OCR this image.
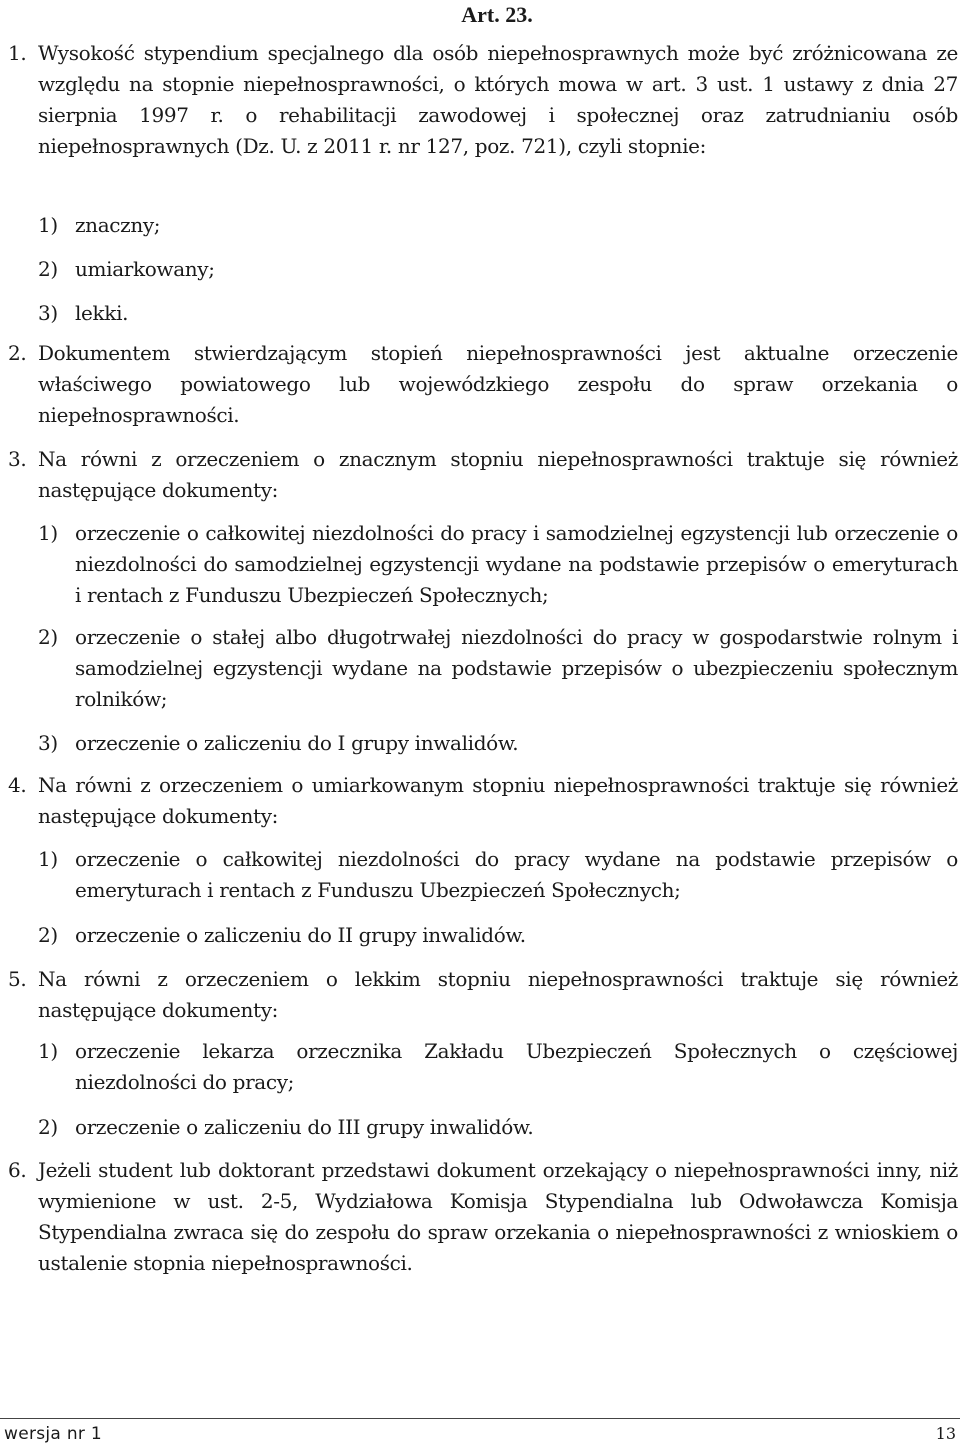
Art. 23.
1. Wysokość stypendium specjalnego dla osób niepełnosprawnych może być zróżnicowana ze względu na stopnie niepełnosprawności, o których mowa w art. 3 ust. 1 ustawy z dnia 27 sierpnia 1997 r. o rehabilitacji zawodowej i społecznej oraz zatrudnianiu osób niepełnosprawnych (Dz. U. z 2011 r. nr 127, poz. 721), czyli stopnie:
1) znaczny;
2) umiarkowany;
3) lekki.
2. Dokumentem stwierdzającym stopień niepełnosprawności jest aktualne orzeczenie właściwego powiatowego lub wojewódzkiego zespołu do spraw orzekania o niepełnosprawności.
3. Na równi z orzeczeniem o znacznym stopniu niepełnosprawności traktuje się również następujące dokumenty:
1) orzeczenie o całkowitej niezdolności do pracy i samodzielnej egzystencji lub orzeczenie o niezdolności do samodzielnej egzystencji wydane na podstawie przepisów o emeryturach i rentach z Funduszu Ubezpieczeń Społecznych;
2) orzeczenie o stałej albo długotrwałej niezdolności do pracy w gospodarstwie rolnym i samodzielnej egzystencji wydane na podstawie przepisów o ubezpieczeniu społecznym rolników;
3) orzeczenie o zaliczeniu do I grupy inwalidów.
4. Na równi z orzeczeniem o umiarkowanym stopniu niepełnosprawności traktuje się również następujące dokumenty:
1) orzeczenie o całkowitej niezdolności do pracy wydane na podstawie przepisów o emeryturach i rentach z Funduszu Ubezpieczeń Społecznych;
2) orzeczenie o zaliczeniu do II grupy inwalidów.
5. Na równi z orzeczeniem o lekkim stopniu niepełnosprawności traktuje się również następujące dokumenty:
1) orzeczenie lekarza orzecznika Zakładu Ubezpieczeń Społecznych o częściowej niezdolności do pracy;
2) orzeczenie o zaliczeniu do III grupy inwalidów.
6. Jeżeli student lub doktorant przedstawi dokument orzekający o niepełnosprawności inny, niż wymienione w ust. 2-5, Wydziałowa Komisja Stypendialna lub Odwoławcza Komisja Stypendialna zwraca się do zespołu do spraw orzekania o niepełnosprawności z wnioskiem o ustalenie stopnia niepełnosprawności.
wersja nr 1	13
